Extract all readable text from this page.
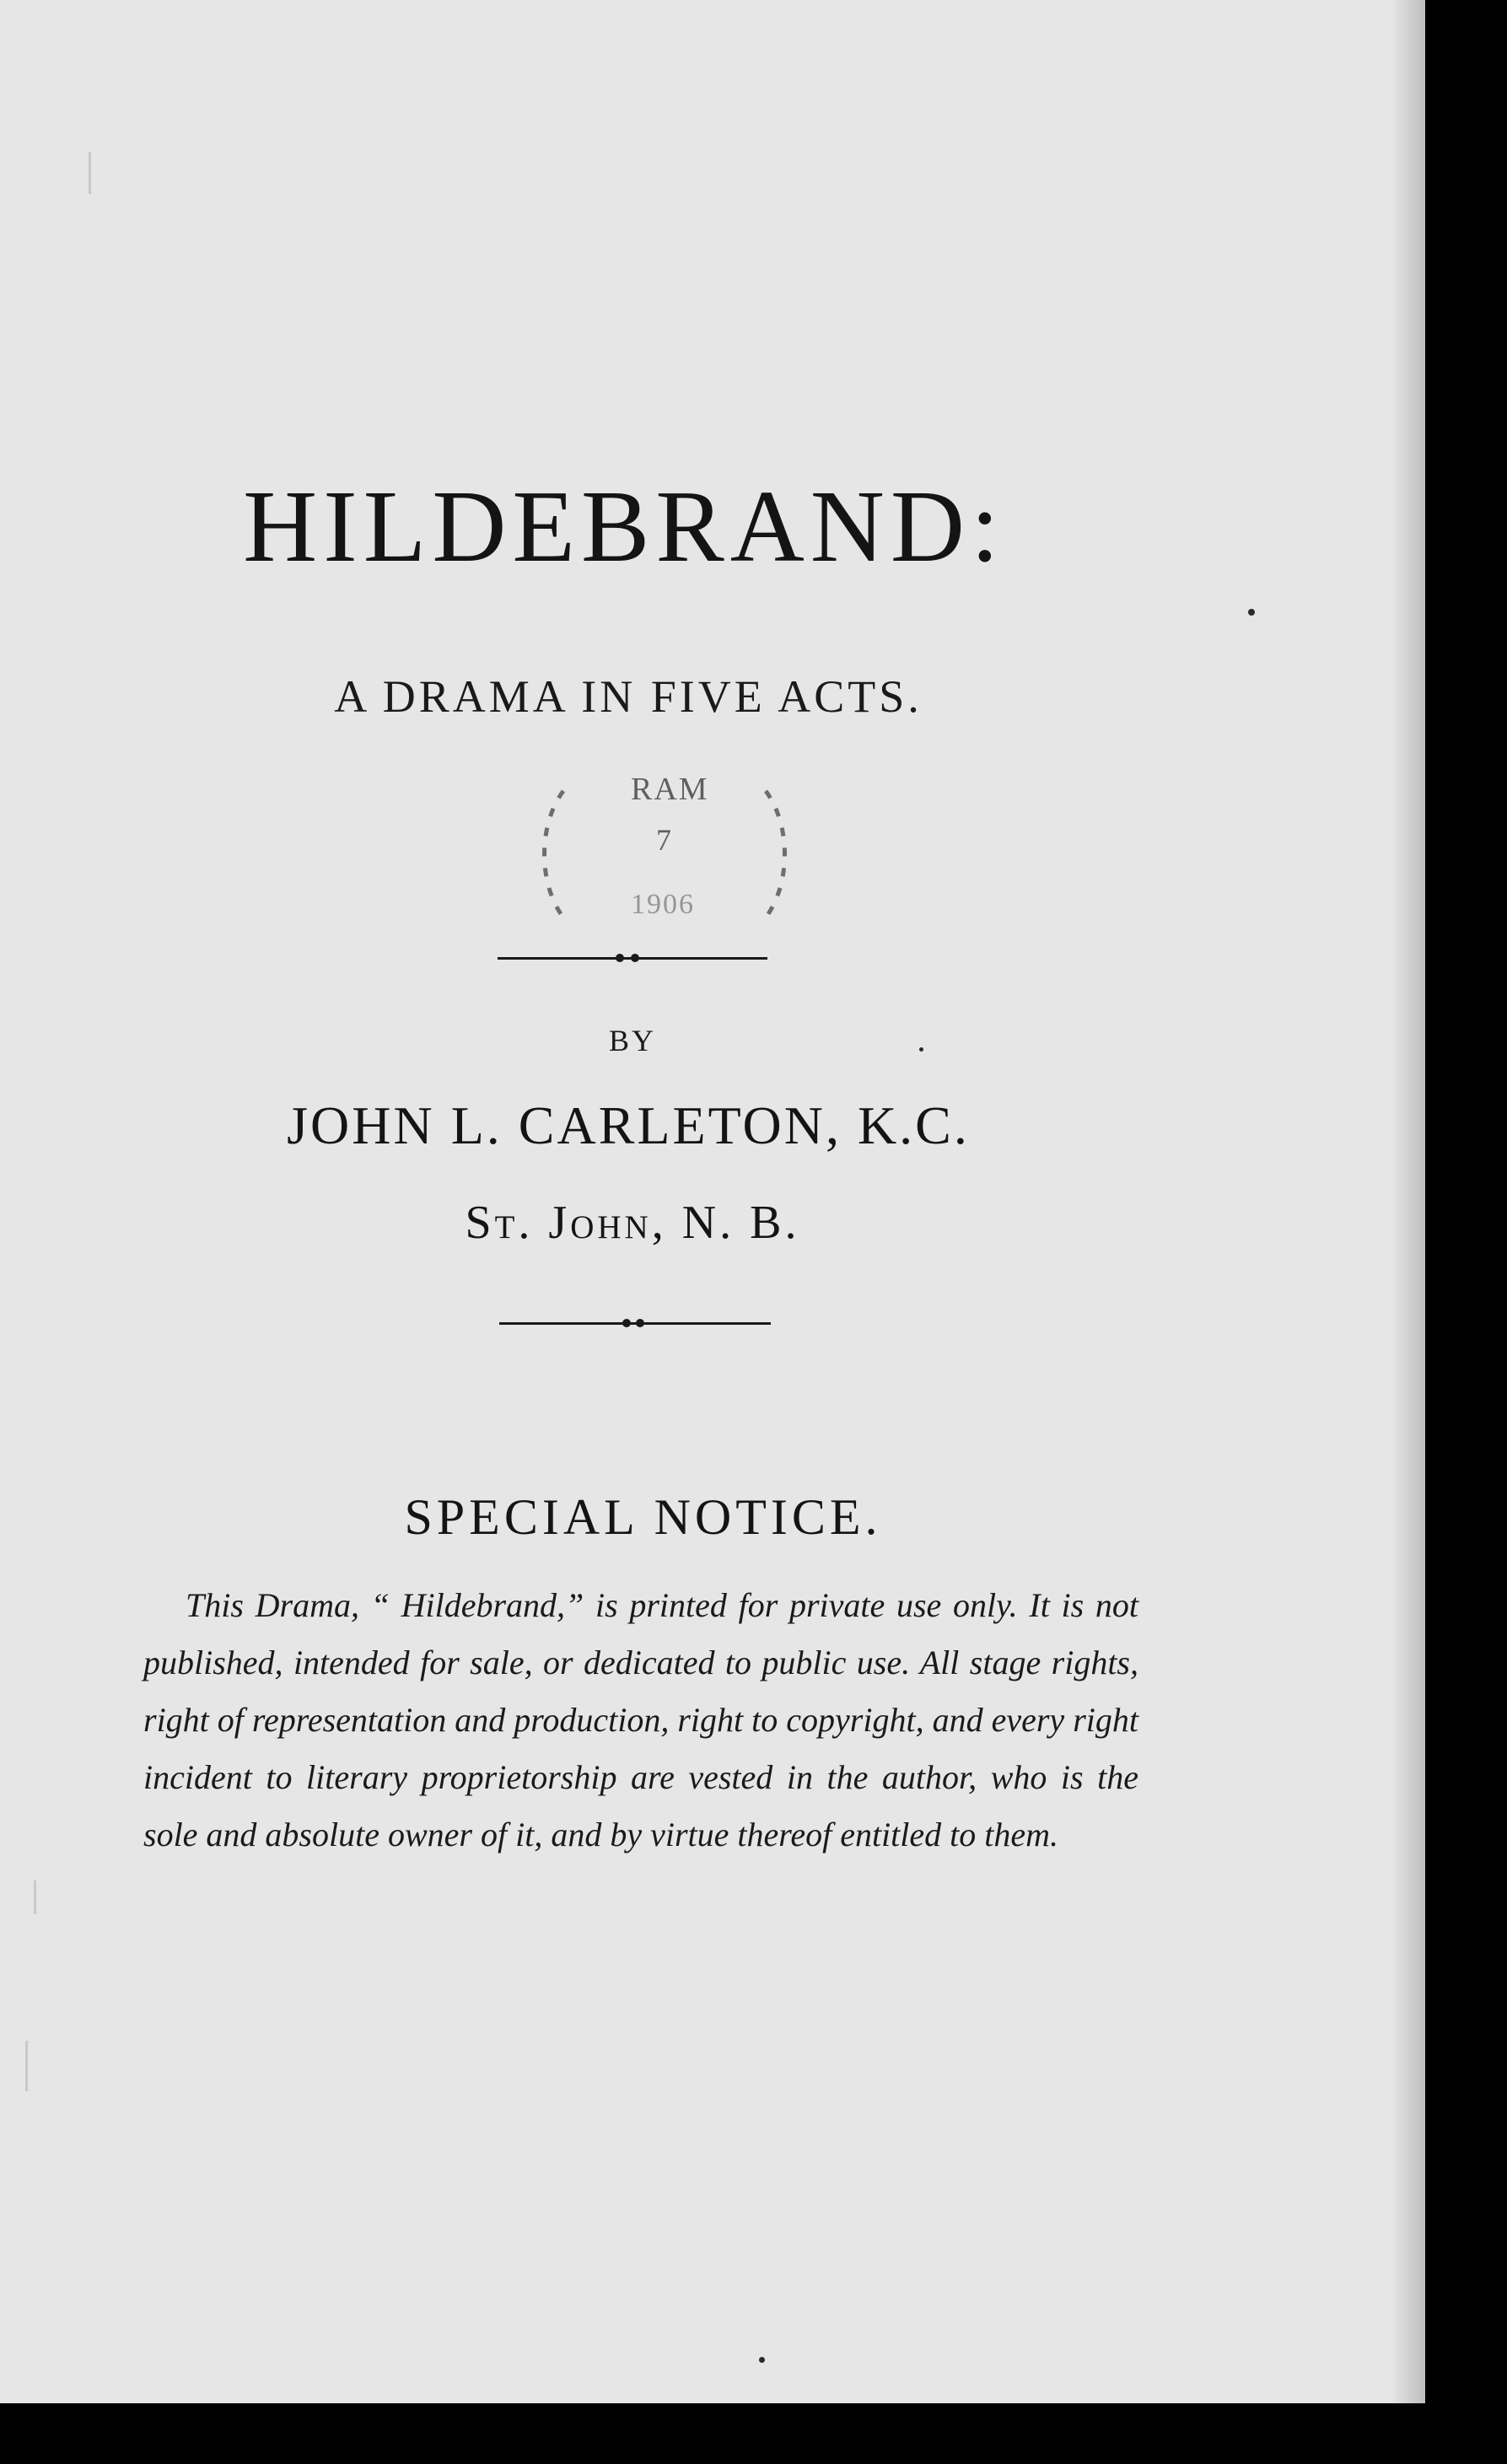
HILDEBRAND:
A DRAMA IN FIVE ACTS.
RAM
7
1906
BY
JOHN L. CARLETON, K.C.
St. John, N. B.
SPECIAL NOTICE.

This Drama, “ Hildebrand,” is printed for private use only. It is not published, intended for sale, or dedicated to public use. All stage rights, right of representation and production, right to copyright, and every right incident to literary proprietorship are vested in the author, who is the sole and absolute owner of it, and by virtue thereof entitled to them.
